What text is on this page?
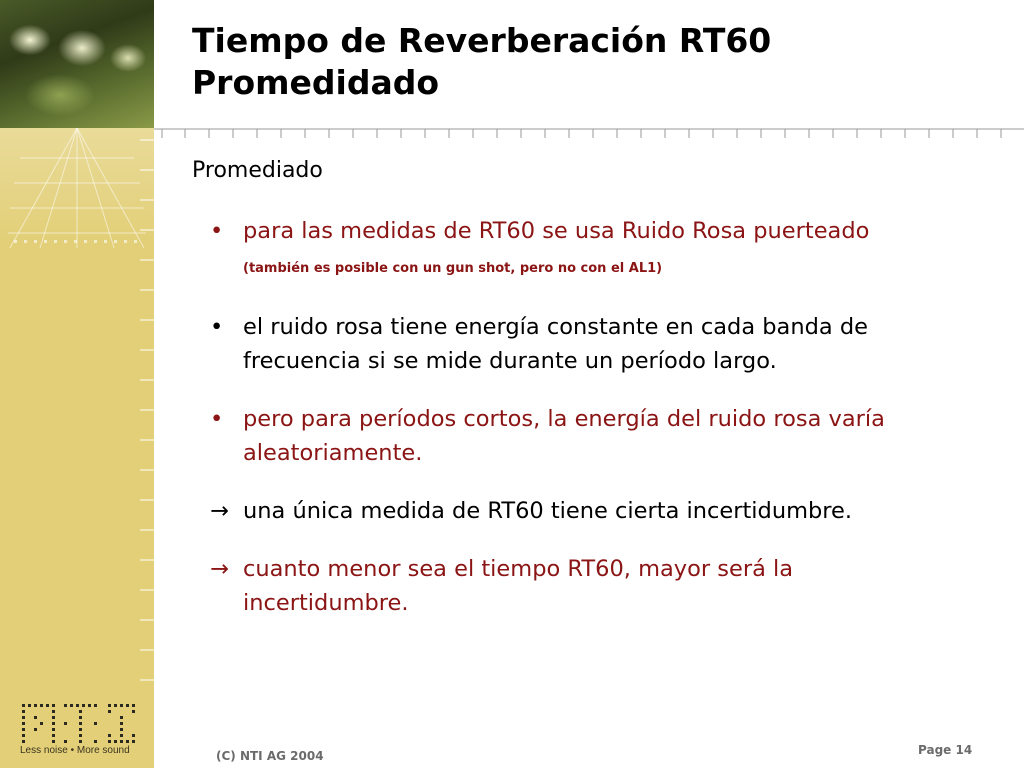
Less noise • More sound
Tiempo de Reverberación RT60
Promedidado
Promediado
• para las medidas de RT60 se usa Ruido Rosa puerteado (también es posible con un gun shot, pero no con el AL1)
• el ruido rosa tiene energía constante en cada banda de frecuencia si se mide durante un período largo.
• pero para períodos cortos, la energía del ruido rosa varía aleatoriamente.
→ una única medida de RT60 tiene cierta incertidumbre.
→ cuanto menor sea el tiempo RT60, mayor será la incertidumbre.
(C) NTI AG 2004	Page 14
